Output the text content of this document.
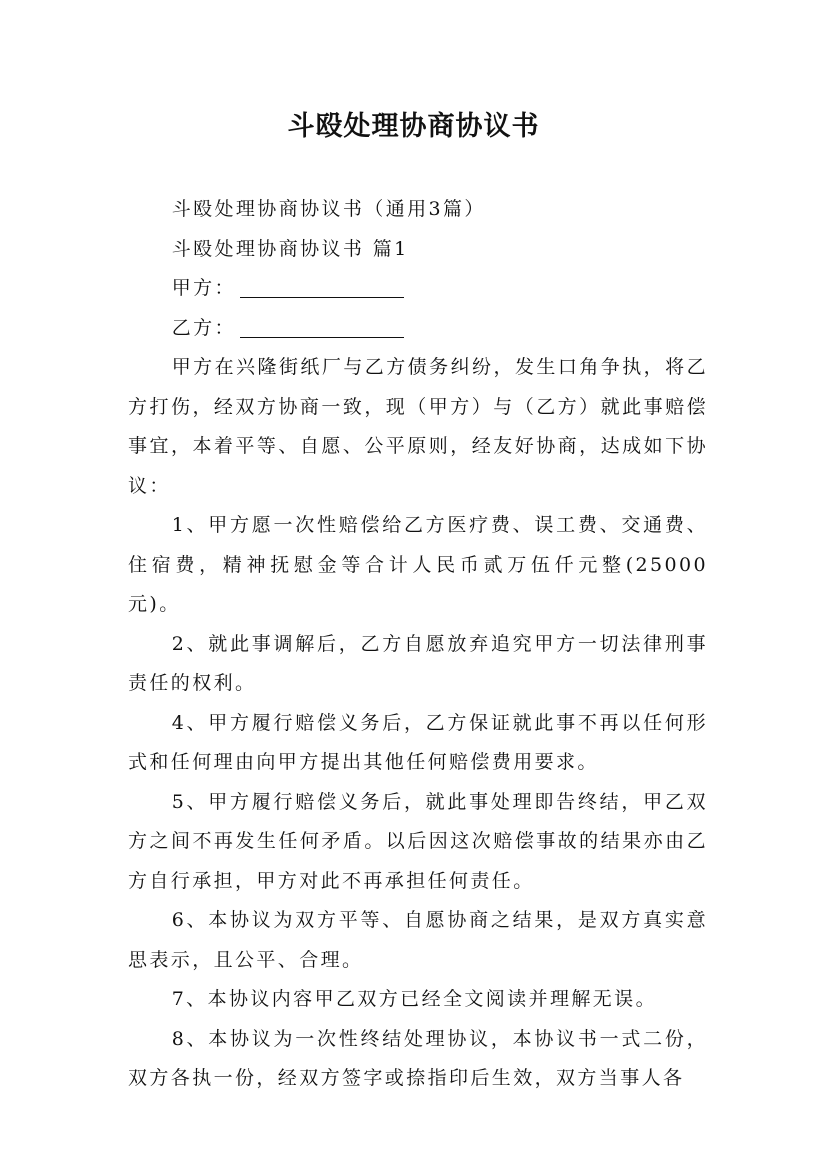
斗殴处理协商协议书

斗殴处理协商协议书（通用3篇）

斗殴处理协商协议书 篇1

甲方：

乙方：

甲方在兴隆街纸厂与乙方债务纠纷，发生口角争执，将乙方打伤，经双方协商一致，现（甲方）与（乙方）就此事赔偿事宜，本着平等、自愿、公平原则，经友好协商，达成如下协议：

1、甲方愿一次性赔偿给乙方医疗费、误工费、交通费、住宿费，精神抚慰金等合计人民币贰万伍仟元整(25000元)。

2、就此事调解后，乙方自愿放弃追究甲方一切法律刑事责任的权利。

4、甲方履行赔偿义务后，乙方保证就此事不再以任何形式和任何理由向甲方提出其他任何赔偿费用要求。

5、甲方履行赔偿义务后，就此事处理即告终结，甲乙双方之间不再发生任何矛盾。以后因这次赔偿事故的结果亦由乙方自行承担，甲方对此不再承担任何责任。

6、本协议为双方平等、自愿协商之结果，是双方真实意思表示，且公平、合理。

7、本协议内容甲乙双方已经全文阅读并理解无误。

8、本协议为一次性终结处理协议，本协议书一式二份，双方各执一份，经双方签字或捺指印后生效，双方当事人各
